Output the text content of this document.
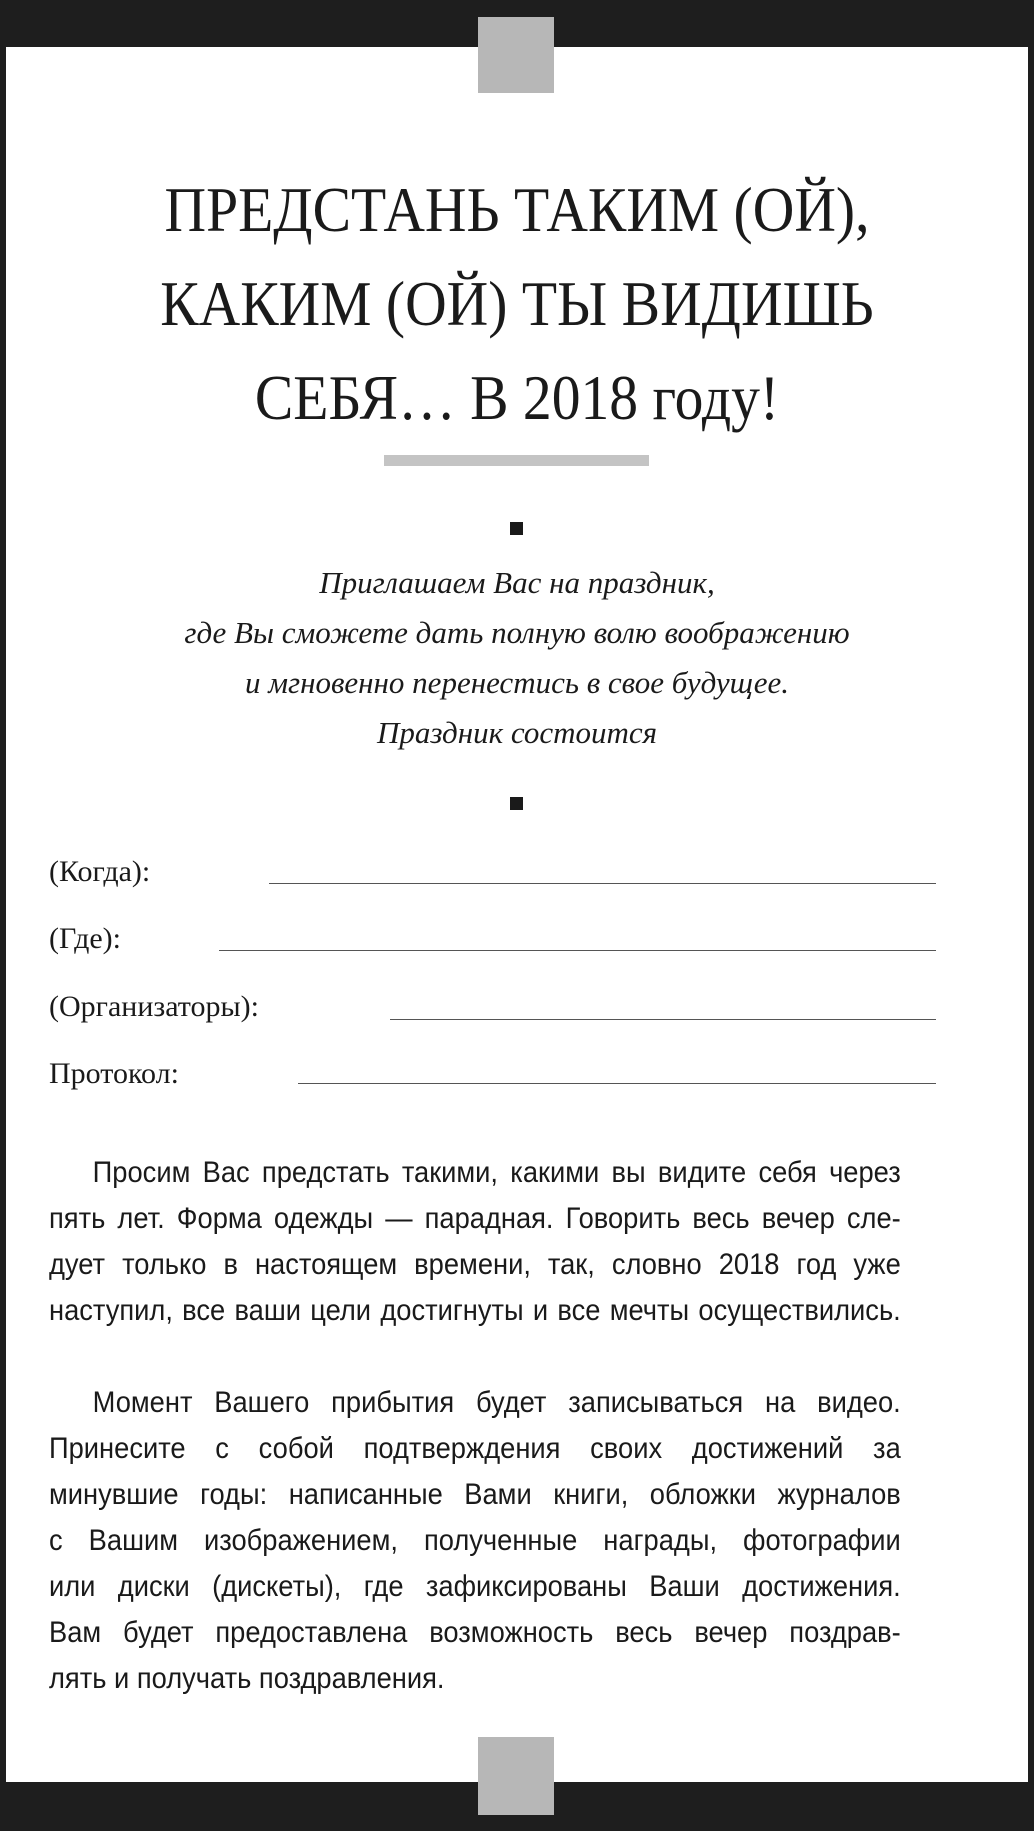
ПРЕДСТАНЬ ТАКИМ (ОЙ),
КАКИМ (ОЙ) ТЫ ВИДИШЬ
СЕБЯ… В 2018 году!
Приглашаем Вас на праздник,
где Вы сможете дать полную волю воображению
и мгновенно перенестись в свое будущее.
Праздник состоится
(Когда):
(Где):
(Организаторы):
Протокол:
Просим Вас предстать такими, какими вы видите себя через
пять лет. Форма одежды — парадная. Говорить весь вечер сле-
дует только в настоящем времени, так, словно 2018 год уже
наступил, все ваши цели достигнуты и все мечты осуществились.
Момент Вашего прибытия будет записываться на видео.
Принесите с собой подтверждения своих достижений за
минувшие годы: написанные Вами книги, обложки журналов
с Вашим изображением, полученные награды, фотографии
или диски (дискеты), где зафиксированы Ваши достижения.
Вам будет предоставлена возможность весь вечер поздрав-
лять и получать поздравления.
